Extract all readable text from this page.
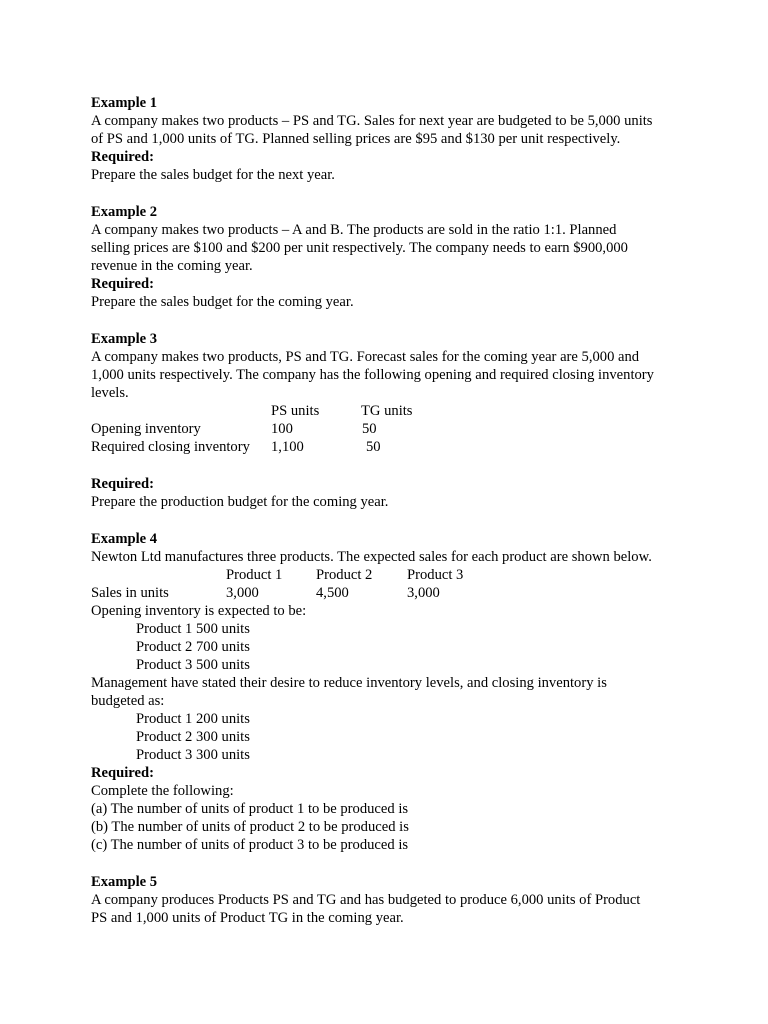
Example 1

A company makes two products – PS and TG. Sales for next year are budgeted to be 5,000 units

of PS and 1,000 units of TG. Planned selling prices are $95 and $130 per unit respectively.

Required:

Prepare the sales budget for the next year.

Example 2

A company makes two products – A and B. The products are sold in the ratio 1:1. Planned

selling prices are $100 and $200 per unit respectively. The company needs to earn $900,000

revenue in the coming year.

Required:

Prepare the sales budget for the coming year.

Example 3

A company makes two products, PS and TG. Forecast sales for the coming year are 5,000 and

1,000 units respectively. The company has the following opening and required closing inventory

levels.

PS units	TG units
Opening inventory	100	50
Required closing inventory 1,100	50

Required:

Prepare the production budget for the coming year.

Example 4

Newton Ltd manufactures three products. The expected sales for each product are shown below.

Product 1 Product 2 Product 3
Sales in units	3,000	4,500	3,000

Opening inventory is expected to be:

Product 1 500 units

Product 2 700 units

Product 3 500 units

Management have stated their desire to reduce inventory levels, and closing inventory is

budgeted as:

Product 1 200 units

Product 2 300 units

Product 3 300 units

Required:

Complete the following:

(a) The number of units of product 1 to be produced is

(b) The number of units of product 2 to be produced is

(c) The number of units of product 3 to be produced is

Example 5

A company produces Products PS and TG and has budgeted to produce 6,000 units of Product

PS and 1,000 units of Product TG in the coming year.
